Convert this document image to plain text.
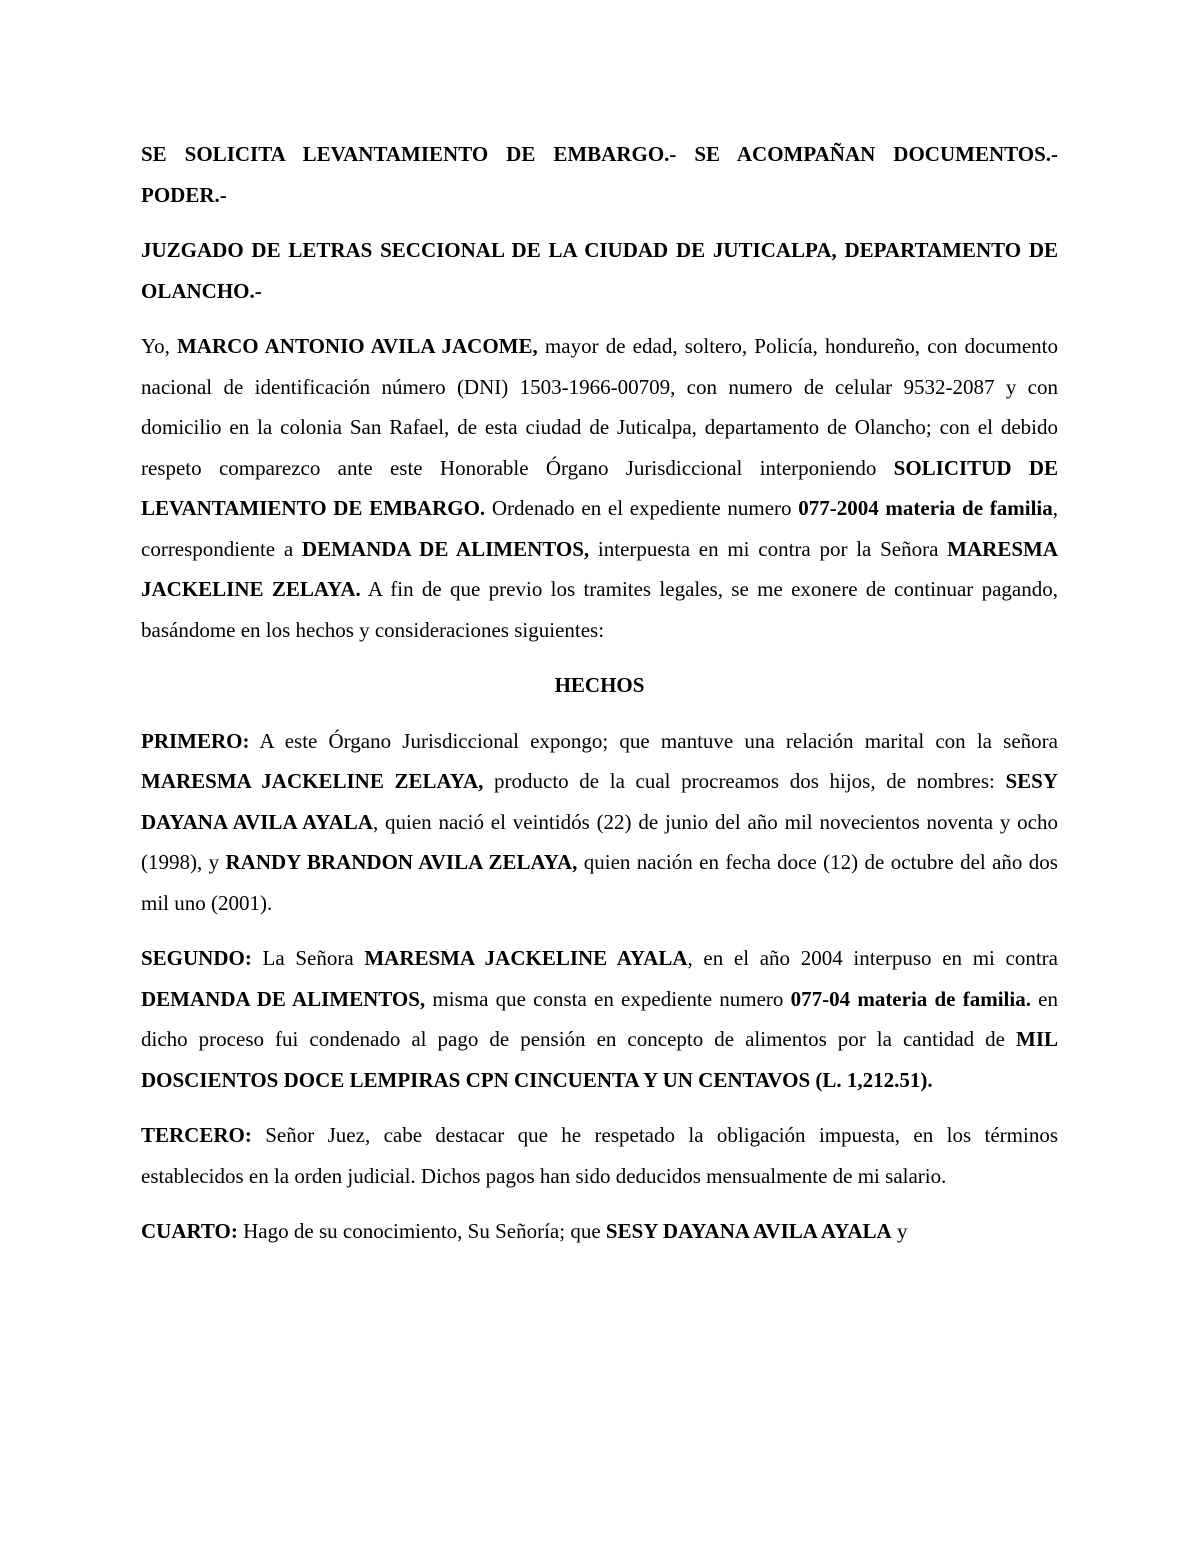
SE SOLICITA LEVANTAMIENTO DE EMBARGO.- SE ACOMPAÑAN DOCUMENTOS.- PODER.-

JUZGADO DE LETRAS SECCIONAL DE LA CIUDAD DE JUTICALPA, DEPARTAMENTO DE OLANCHO.-

Yo, MARCO ANTONIO AVILA JACOME, mayor de edad, soltero, Policía, hondureño, con documento nacional de identificación número (DNI) 1503-1966-00709, con numero de celular 9532-2087 y con domicilio en la colonia San Rafael, de esta ciudad de Juticalpa, departamento de Olancho; con el debido respeto comparezco ante este Honorable Órgano Jurisdiccional interponiendo SOLICITUD DE LEVANTAMIENTO DE EMBARGO. Ordenado en el expediente numero 077-2004 materia de familia, correspondiente a DEMANDA DE ALIMENTOS, interpuesta en mi contra por la Señora MARESMA JACKELINE ZELAYA. A fin de que previo los tramites legales, se me exonere de continuar pagando, basándome en los hechos y consideraciones siguientes:

HECHOS

PRIMERO: A este Órgano Jurisdiccional expongo; que mantuve una relación marital con la señora MARESMA JACKELINE ZELAYA, producto de la cual procreamos dos hijos, de nombres: SESY DAYANA AVILA AYALA, quien nació el veintidós (22) de junio del año mil novecientos noventa y ocho (1998), y RANDY BRANDON AVILA ZELAYA, quien nación en fecha doce (12) de octubre del año dos mil uno (2001).

SEGUNDO: La Señora MARESMA JACKELINE AYALA, en el año 2004 interpuso en mi contra DEMANDA DE ALIMENTOS, misma que consta en expediente numero 077-04 materia de familia. en dicho proceso fui condenado al pago de pensión en concepto de alimentos por la cantidad de MIL DOSCIENTOS DOCE LEMPIRAS CPN CINCUENTA Y UN CENTAVOS (L. 1,212.51).

TERCERO: Señor Juez, cabe destacar que he respetado la obligación impuesta, en los términos establecidos en la orden judicial. Dichos pagos han sido deducidos mensualmente de mi salario.

CUARTO: Hago de su conocimiento, Su Señoría; que SESY DAYANA AVILA AYALA y
